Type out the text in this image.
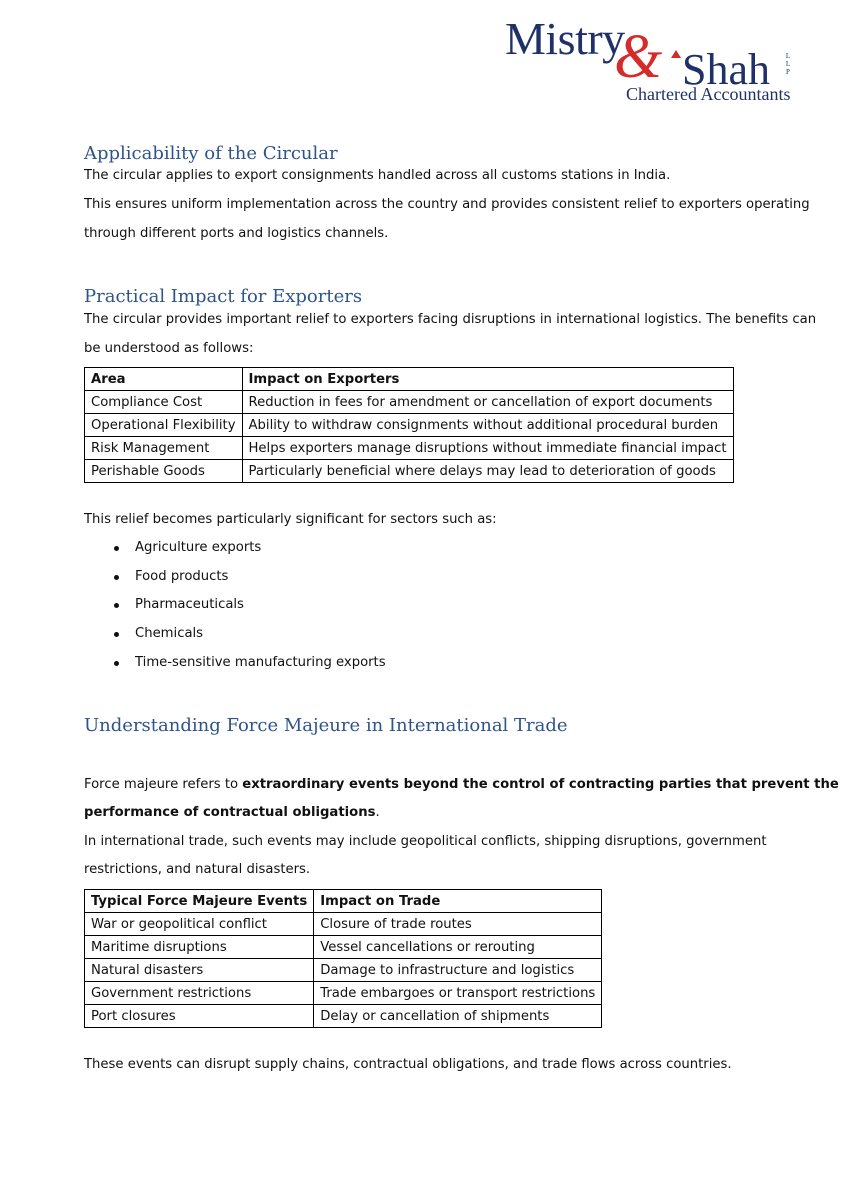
Mistry
& Shah L L P
Chartered Accountants
Applicability of the Circular
The circular applies to export consignments handled across all customs stations in India.
This ensures uniform implementation across the country and provides consistent relief to exporters operating
through different ports and logistics channels.
Practical Impact for Exporters
The circular provides important relief to exporters facing disruptions in international logistics. The benefits can
be understood as follows:
Area	Impact on Exporters
Compliance Cost	Reduction in fees for amendment or cancellation of export documents
Operational Flexibility	Ability to withdraw consignments without additional procedural burden
Risk Management	Helps exporters manage disruptions without immediate financial impact
Perishable Goods	Particularly beneficial where delays may lead to deterioration of goods
This relief becomes particularly significant for sectors such as:
Agriculture exports
Food products
Pharmaceuticals
Chemicals
Time-sensitive manufacturing exports
Understanding Force Majeure in International Trade
Force majeure refers to extraordinary events beyond the control of contracting parties that prevent the
performance of contractual obligations.
In international trade, such events may include geopolitical conflicts, shipping disruptions, government
restrictions, and natural disasters.
Typical Force Majeure Events	Impact on Trade
War or geopolitical conflict	Closure of trade routes
Maritime disruptions	Vessel cancellations or rerouting
Natural disasters	Damage to infrastructure and logistics
Government restrictions	Trade embargoes or transport restrictions
Port closures	Delay or cancellation of shipments
These events can disrupt supply chains, contractual obligations, and trade flows across countries.
